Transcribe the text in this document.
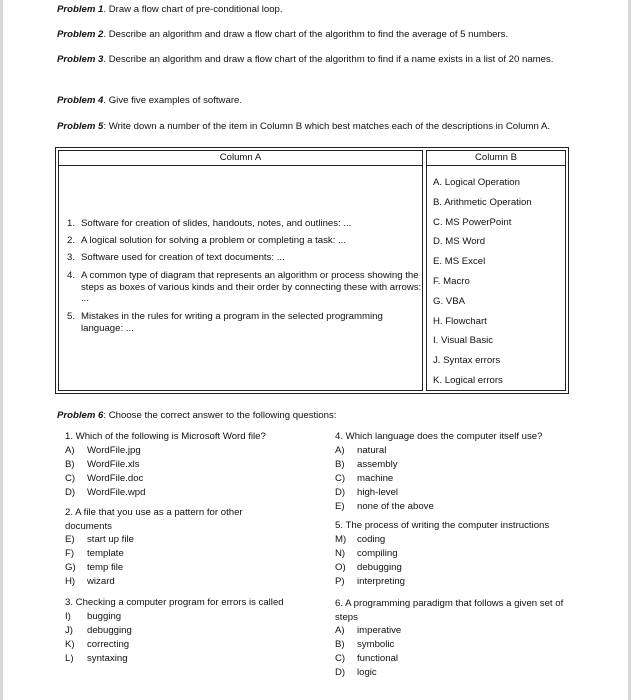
Problem 1. Draw a flow chart of pre-conditional loop.
Problem 2. Describe an algorithm and draw a flow chart of the algorithm to find the average of 5 numbers.
Problem 3. Describe an algorithm and draw a flow chart of the algorithm to find if a name exists in a list of 20 names.
Problem 4. Give five examples of software.
Problem 5: Write down a number of the item in Column B which best matches each of the descriptions in Column A.
Column A
1. Software for creation of slides, handouts, notes, and outlines: ...
2. A logical solution for solving a problem or completing a task: ...
3. Software used for creation of text documents: ...
4. A common type of diagram that represents an algorithm or process showing the steps as boxes of various kinds and their order by connecting these with arrows: ...
5. Mistakes in the rules for writing a program in the selected programming language: ...
Column B
A. Logical Operation
B. Arithmetic Operation
C. MS PowerPoint
D. MS Word
E. MS Excel
F. Macro
G. VBA
H. Flowchart
I. Visual Basic
J. Syntax errors
K. Logical errors
Problem 6: Choose the correct answer to the following questions:
1. Which of the following is Microsoft Word file?
A) WordFile.jpg
B) WordFile.xls
C) WordFile.doc
D) WordFile.wpd
2. A file that you use as a pattern for other documents
E) start up file
F) template
G) temp file
H) wizard
3. Checking a computer program for errors is called
I) bugging
J) debugging
K) correcting
L) syntaxing
4. Which language does the computer itself use?
A) natural
B) assembly
C) machine
D) high-level
E) none of the above
5. The process of writing the computer instructions
M) coding
N) compiling
O) debugging
P) interpreting
6. A programming paradigm that follows a given set of steps
A) imperative
B) symbolic
C) functional
D) logic
